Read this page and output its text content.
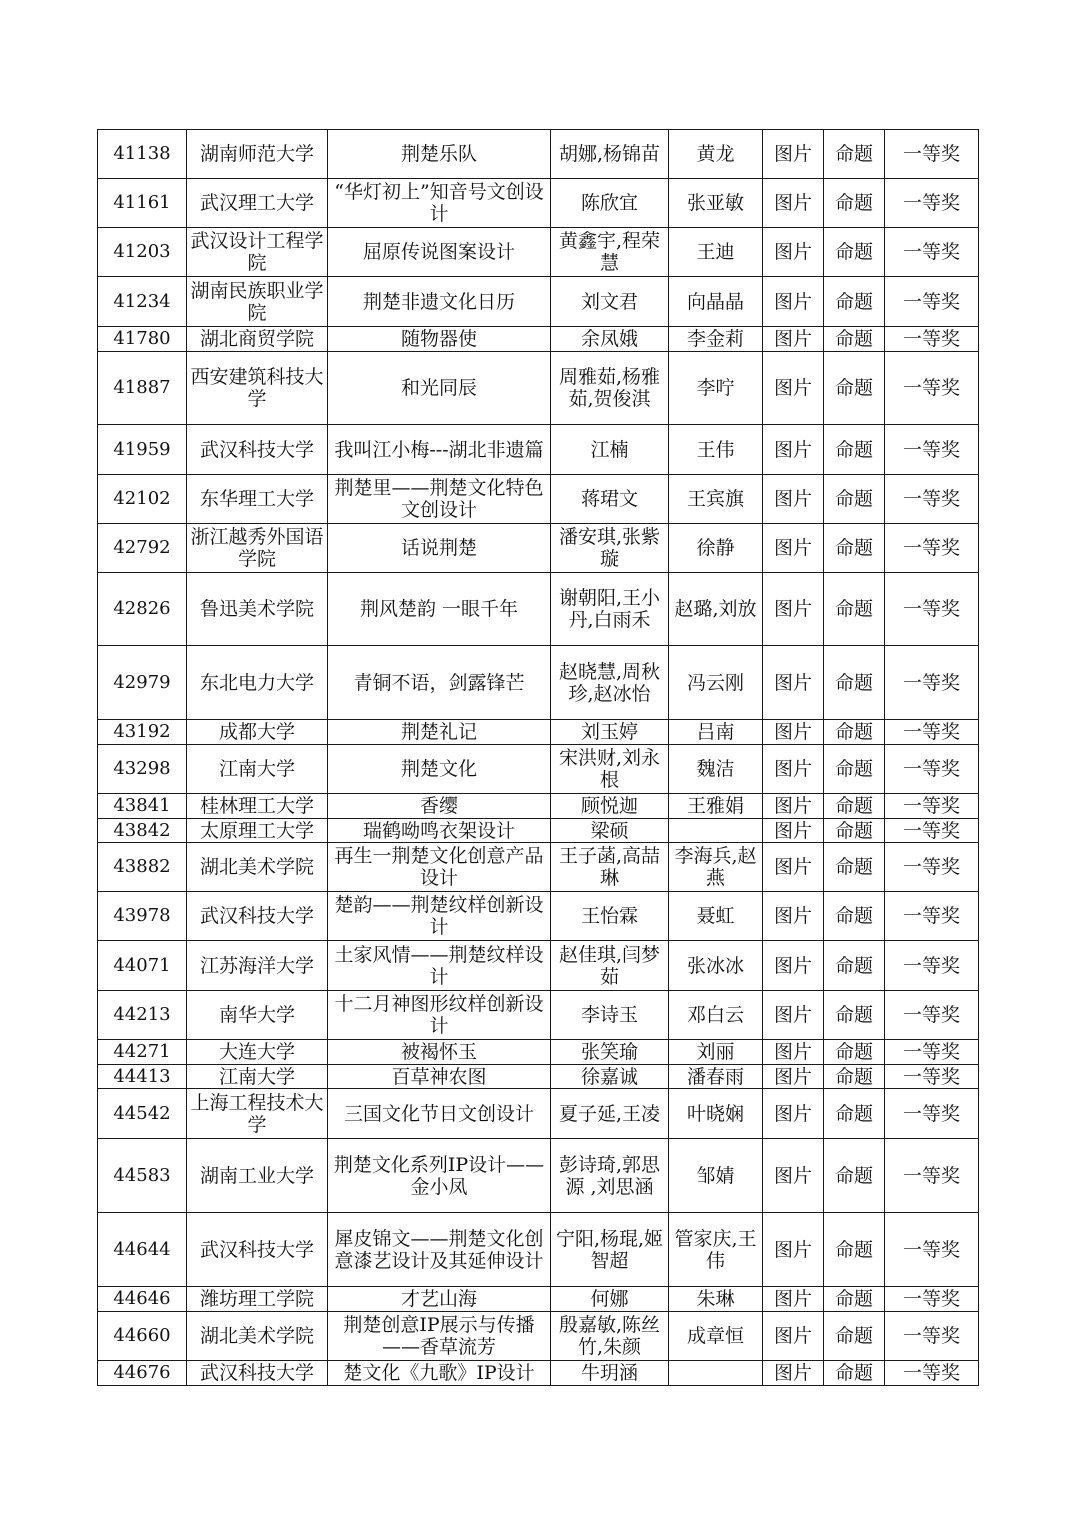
41138	湖南师范大学	荆楚乐队	胡娜,杨锦苗	黄龙	图片	命题	一等奖
41161	武汉理工大学	“华灯初上”知音号文创设计	陈欣宜	张亚敏	图片	命题	一等奖
41203	武汉设计工程学院	屈原传说图案设计	黄鑫宇,程荣慧	王迪	图片	命题	一等奖
41234	湖南民族职业学院	荆楚非遗文化日历	刘文君	向晶晶	图片	命题	一等奖
41780	湖北商贸学院	随物器使	余凤娥	李金莉	图片	命题	一等奖
41887	西安建筑科技大学	和光同辰	周雅茹,杨雅茹,贺俊淇	李咛	图片	命题	一等奖
41959	武汉科技大学	我叫江小梅---湖北非遗篇	江楠	王伟	图片	命题	一等奖
42102	东华理工大学	荆楚里——荆楚文化特色文创设计	蒋珺文	王宾旗	图片	命题	一等奖
42792	浙江越秀外国语学院	话说荆楚	潘安琪,张紫璇	徐静	图片	命题	一等奖
42826	鲁迅美术学院	荆风楚韵 一眼千年	谢朝阳,王小丹,白雨禾	赵璐,刘放	图片	命题	一等奖
42979	东北电力大学	青铜不语，剑露锋芒	赵晓慧,周秋珍,赵冰怡	冯云刚	图片	命题	一等奖
43192	成都大学	荆楚礼记	刘玉婷	吕南	图片	命题	一等奖
43298	江南大学	荆楚文化	宋洪财,刘永根	魏洁	图片	命题	一等奖
43841	桂林理工大学	香缨	顾悦迦	王雅娟	图片	命题	一等奖
43842	太原理工大学	瑞鹤呦鸣衣架设计	梁硕		图片	命题	一等奖
43882	湖北美术学院	再生一荆楚文化创意产品设计	王子菡,高喆琳	李海兵,赵燕	图片	命题	一等奖
43978	武汉科技大学	楚韵——荆楚纹样创新设计	王怡霖	聂虹	图片	命题	一等奖
44071	江苏海洋大学	土家风情——荆楚纹样设计	赵佳琪,闫梦茹	张冰冰	图片	命题	一等奖
44213	南华大学	十二月神图形纹样创新设计	李诗玉	邓白云	图片	命题	一等奖
44271	大连大学	被褐怀玉	张笑瑜	刘丽	图片	命题	一等奖
44413	江南大学	百草神农图	徐嘉诚	潘春雨	图片	命题	一等奖
44542	上海工程技术大学	三国文化节日文创设计	夏子延,王凌	叶晓娴	图片	命题	一等奖
44583	湖南工业大学	荆楚文化系列IP设计——金小凤	彭诗琦,郭思源 ,刘思涵	邹婧	图片	命题	一等奖
44644	武汉科技大学	犀皮锦文——荆楚文化创意漆艺设计及其延伸设计	宁阳,杨琨,姬智超	管家庆,王伟	图片	命题	一等奖
44646	潍坊理工学院	才艺山海	何娜	朱琳	图片	命题	一等奖
44660	湖北美术学院	荆楚创意IP展示与传播——香草流芳	殷嘉敏,陈丝竹,朱颜	成章恒	图片	命题	一等奖
44676	武汉科技大学	楚文化《九歌》IP设计	牛玥涵		图片	命题	一等奖
